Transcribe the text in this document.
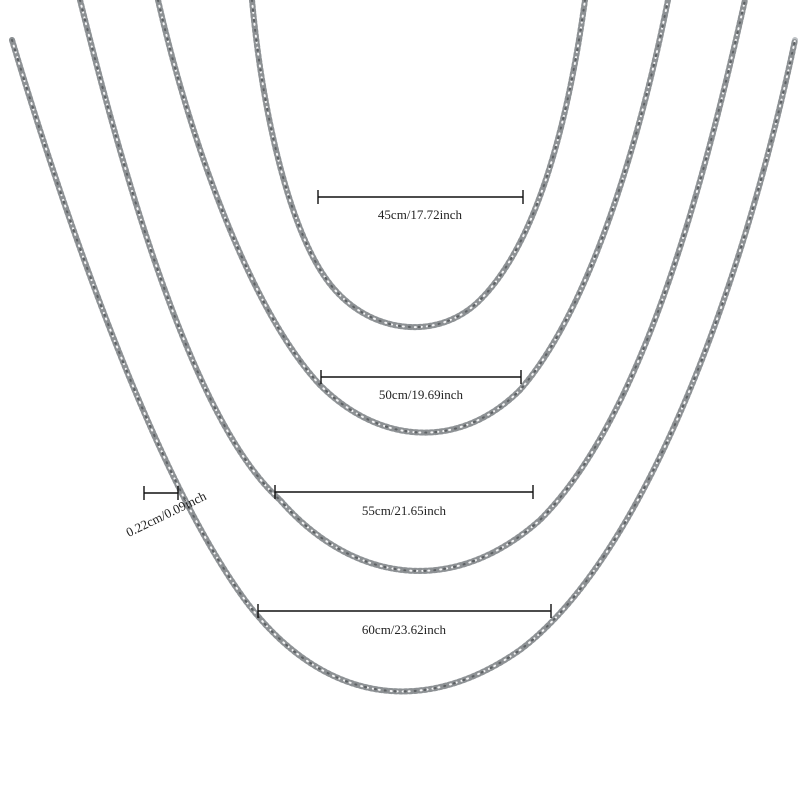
45cm/17.72inch
50cm/19.69inch
55cm/21.65inch
60cm/23.62inch
0.22cm/0.09inch
